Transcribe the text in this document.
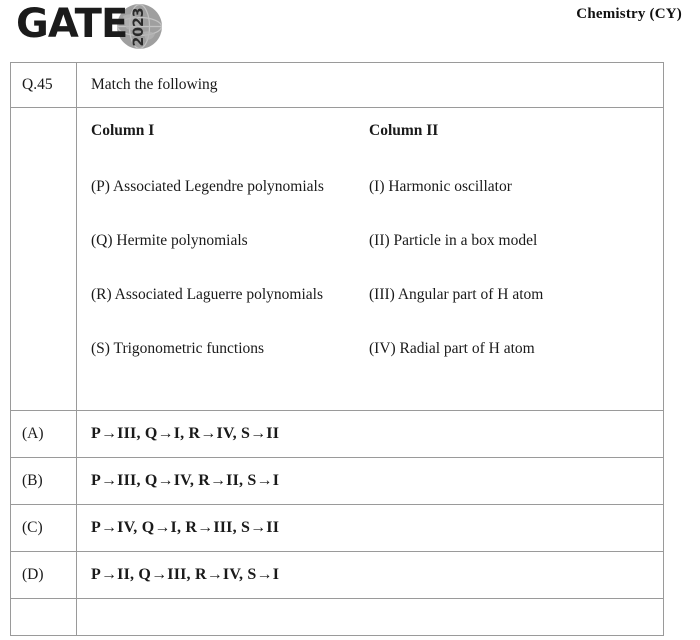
GATE 2023	Chemistry (CY)
Q.45	Match the following

Column I	Column II
(P) Associated Legendre polynomials	(I) Harmonic oscillator
(Q) Hermite polynomials	(II) Particle in a box model
(R) Associated Laguerre polynomials	(III) Angular part of H atom
(S) Trigonometric functions	(IV) Radial part of H atom

(A)	P→III, Q→I, R→IV, S→II

(B)	P→III, Q→IV, R→II, S→I

(C)	P→IV, Q→I, R→III, S→II

(D)	P→II, Q→III, R→IV, S→I
